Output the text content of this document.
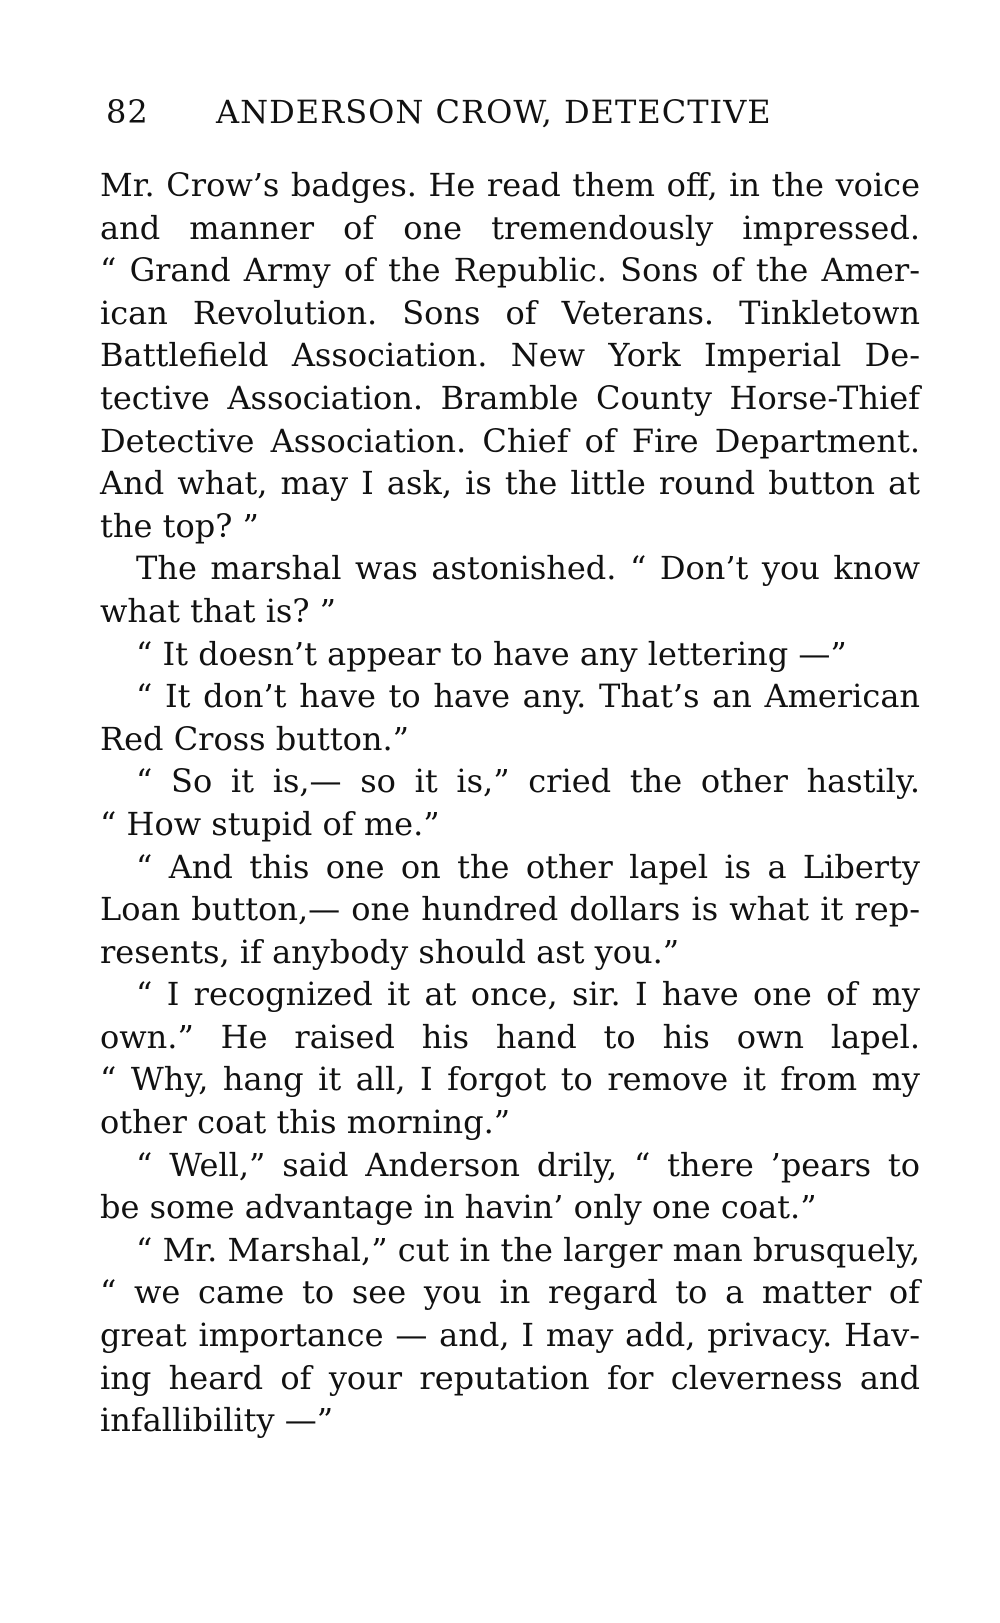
82	ANDERSON CROW, DETECTIVE
Mr. Crow’s badges. He read them off, in the voice
and manner of one tremendously impressed.
“ Grand Army of the Republic. Sons of the Amer-
ican Revolution. Sons of Veterans. Tinkletown
Battlefield Association. New York Imperial De-
tective Association. Bramble County Horse-Thief
Detective Association. Chief of Fire Department.
And what, may I ask, is the little round button at
the top? ”
The marshal was astonished. “ Don’t you know
what that is? ”
“ It doesn’t appear to have any lettering —”
“ It don’t have to have any. That’s an American
Red Cross button.”
“ So it is,— so it is,” cried the other hastily.
“ How stupid of me.”
“ And this one on the other lapel is a Liberty
Loan button,— one hundred dollars is what it rep-
resents, if anybody should ast you.”
“ I recognized it at once, sir. I have one of my
own.” He raised his hand to his own lapel.
“ Why, hang it all, I forgot to remove it from my
other coat this morning.”
“ Well,” said Anderson drily, “ there ’pears to
be some advantage in havin’ only one coat.”
“ Mr. Marshal,” cut in the larger man brusquely,
“ we came to see you in regard to a matter of
great importance — and, I may add, privacy. Hav-
ing heard of your reputation for cleverness and
infallibility —”
